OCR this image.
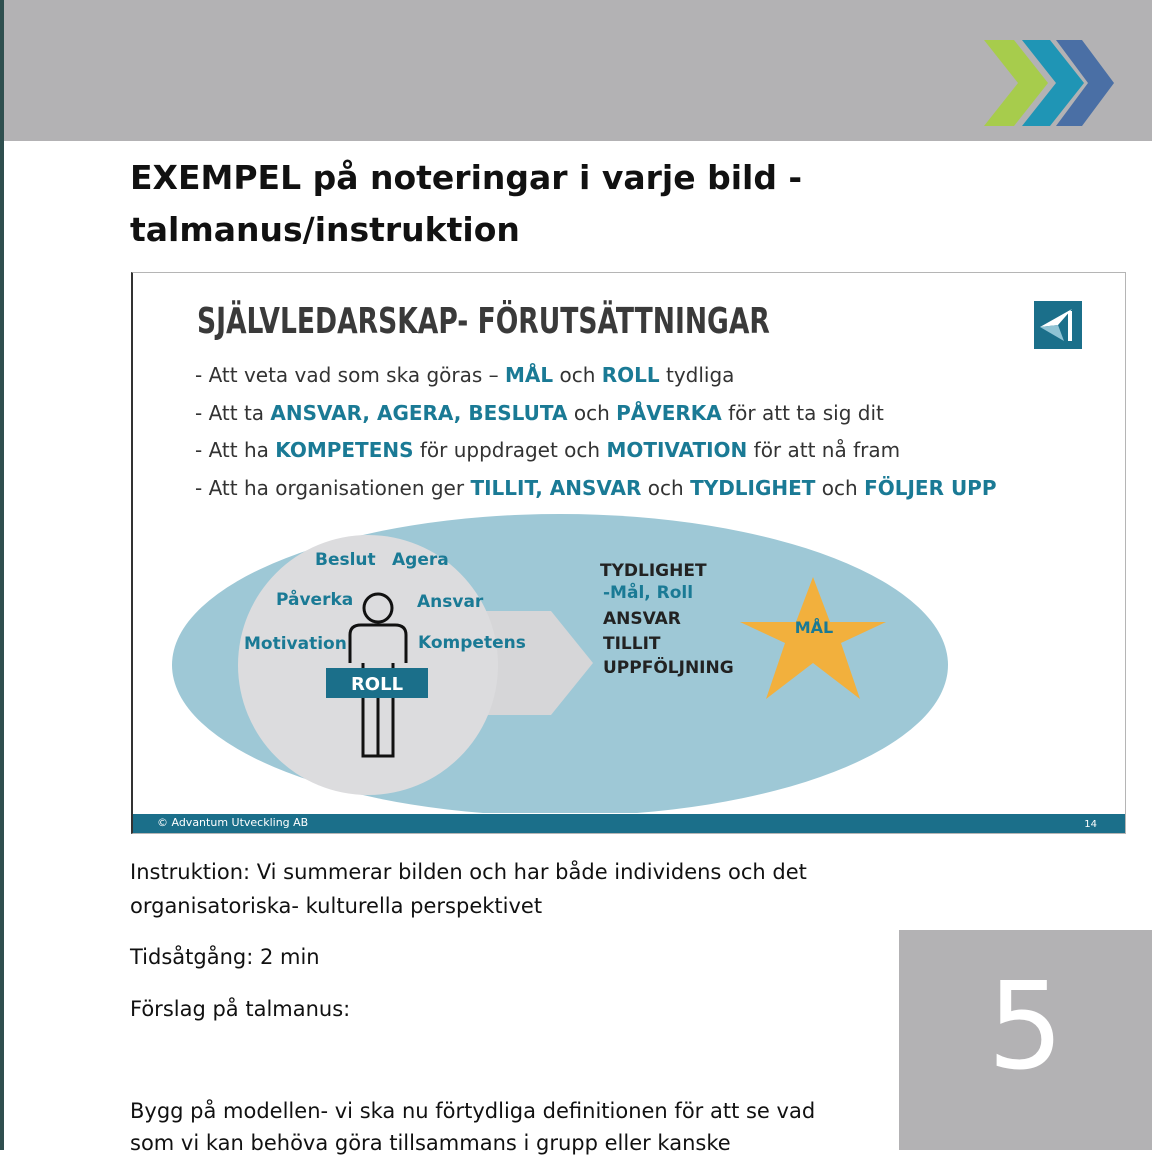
EXEMPEL på noteringar i varje bild - talmanus/instruktion
SJÄLVLEDARSKAP- FÖRUTSÄTTNINGAR
- Att veta vad som ska göras – MÅL och ROLL tydliga
- Att ta ANSVAR, AGERA, BESLUTA och PÅVERKA för att ta sig dit
- Att ha KOMPETENS för uppdraget och MOTIVATION för att nå fram
- Att ha organisationen ger TILLIT, ANSVAR och TYDLIGHET och FÖLJER UPP
ROLL
Beslut Agera
Påverka	Ansvar
Motivation	Kompetens
TYDLIGHET
-Mål, Roll
ANSVAR
TILLIT
UPPFÖLJNING
MÅL
© Advantum Utveckling AB	14
Instruktion: Vi summerar bilden och har både individens och det organisatoriska- kulturella perspektivet
Tidsåtgång: 2 min
Förslag på talmanus:
Bygg på modellen- vi ska nu förtydliga definitionen för att se vad
som vi kan behöva göra tillsammans i grupp eller kanske
5
